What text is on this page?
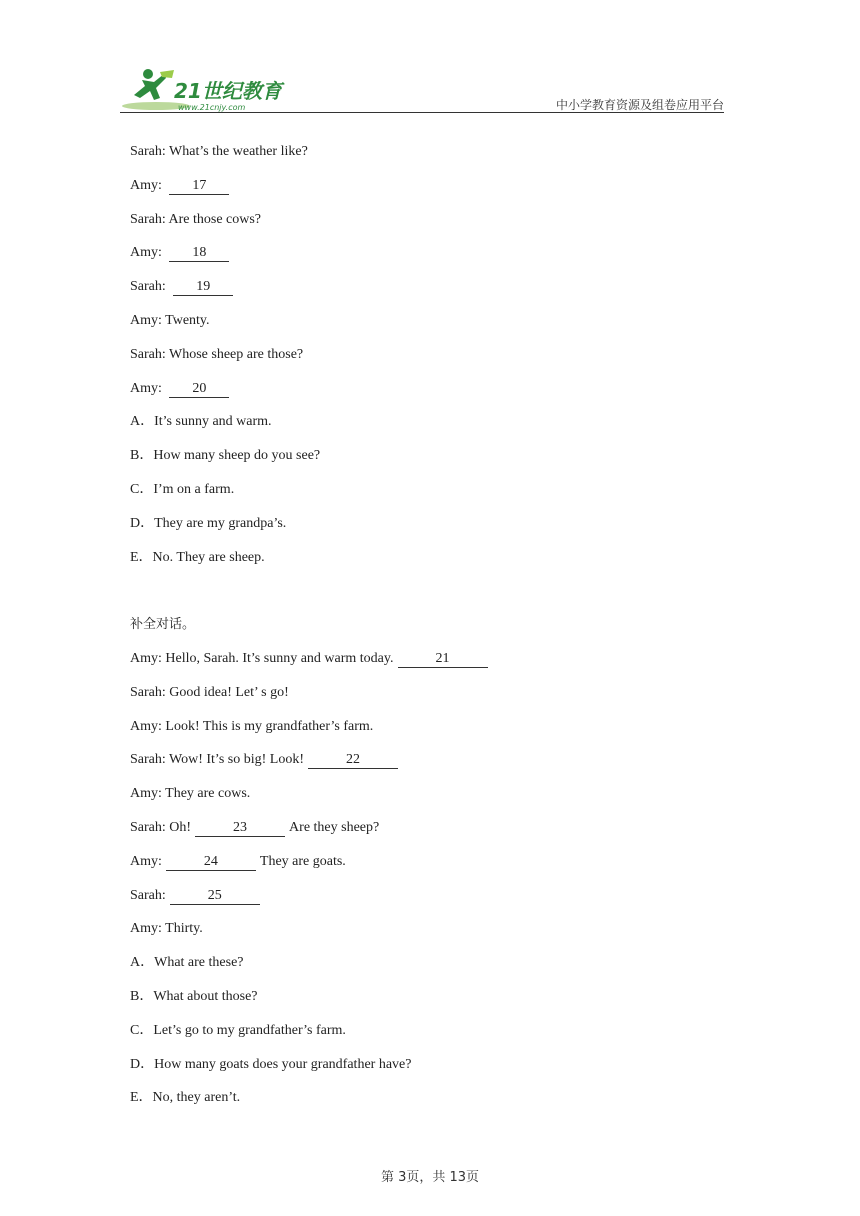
21世纪教育
www.21cnjy.com	中小学教育资源及组卷应用平台
Sarah: What’s the weather like?
Amy: 17
Sarah: Are those cows?
Amy: 18
Sarah: 19
Amy: Twenty.
Sarah: Whose sheep are those?
Amy: 20
A．It’s sunny and warm.
B．How many sheep do you see?
C．I’m on a farm.
D．They are my grandpa’s.
E．No. They are sheep.
补全对话。
Amy: Hello, Sarah. It’s sunny and warm today.	21
Sarah: Good idea! Let’ s go!
Amy: Look! This is my grandfather’s farm.
Sarah: Wow! It’s so big! Look!	22
Amy: They are cows.
Sarah: Oh!	23	Are they sheep?
Amy:	24	They are goats.
Sarah:	25
Amy: Thirty.
A．What are these?
B．What about those?
C．Let’s go to my grandfather’s farm.
D．How many goats does your grandfather have?
E．No, they aren’t.
第 3页，共 13页
